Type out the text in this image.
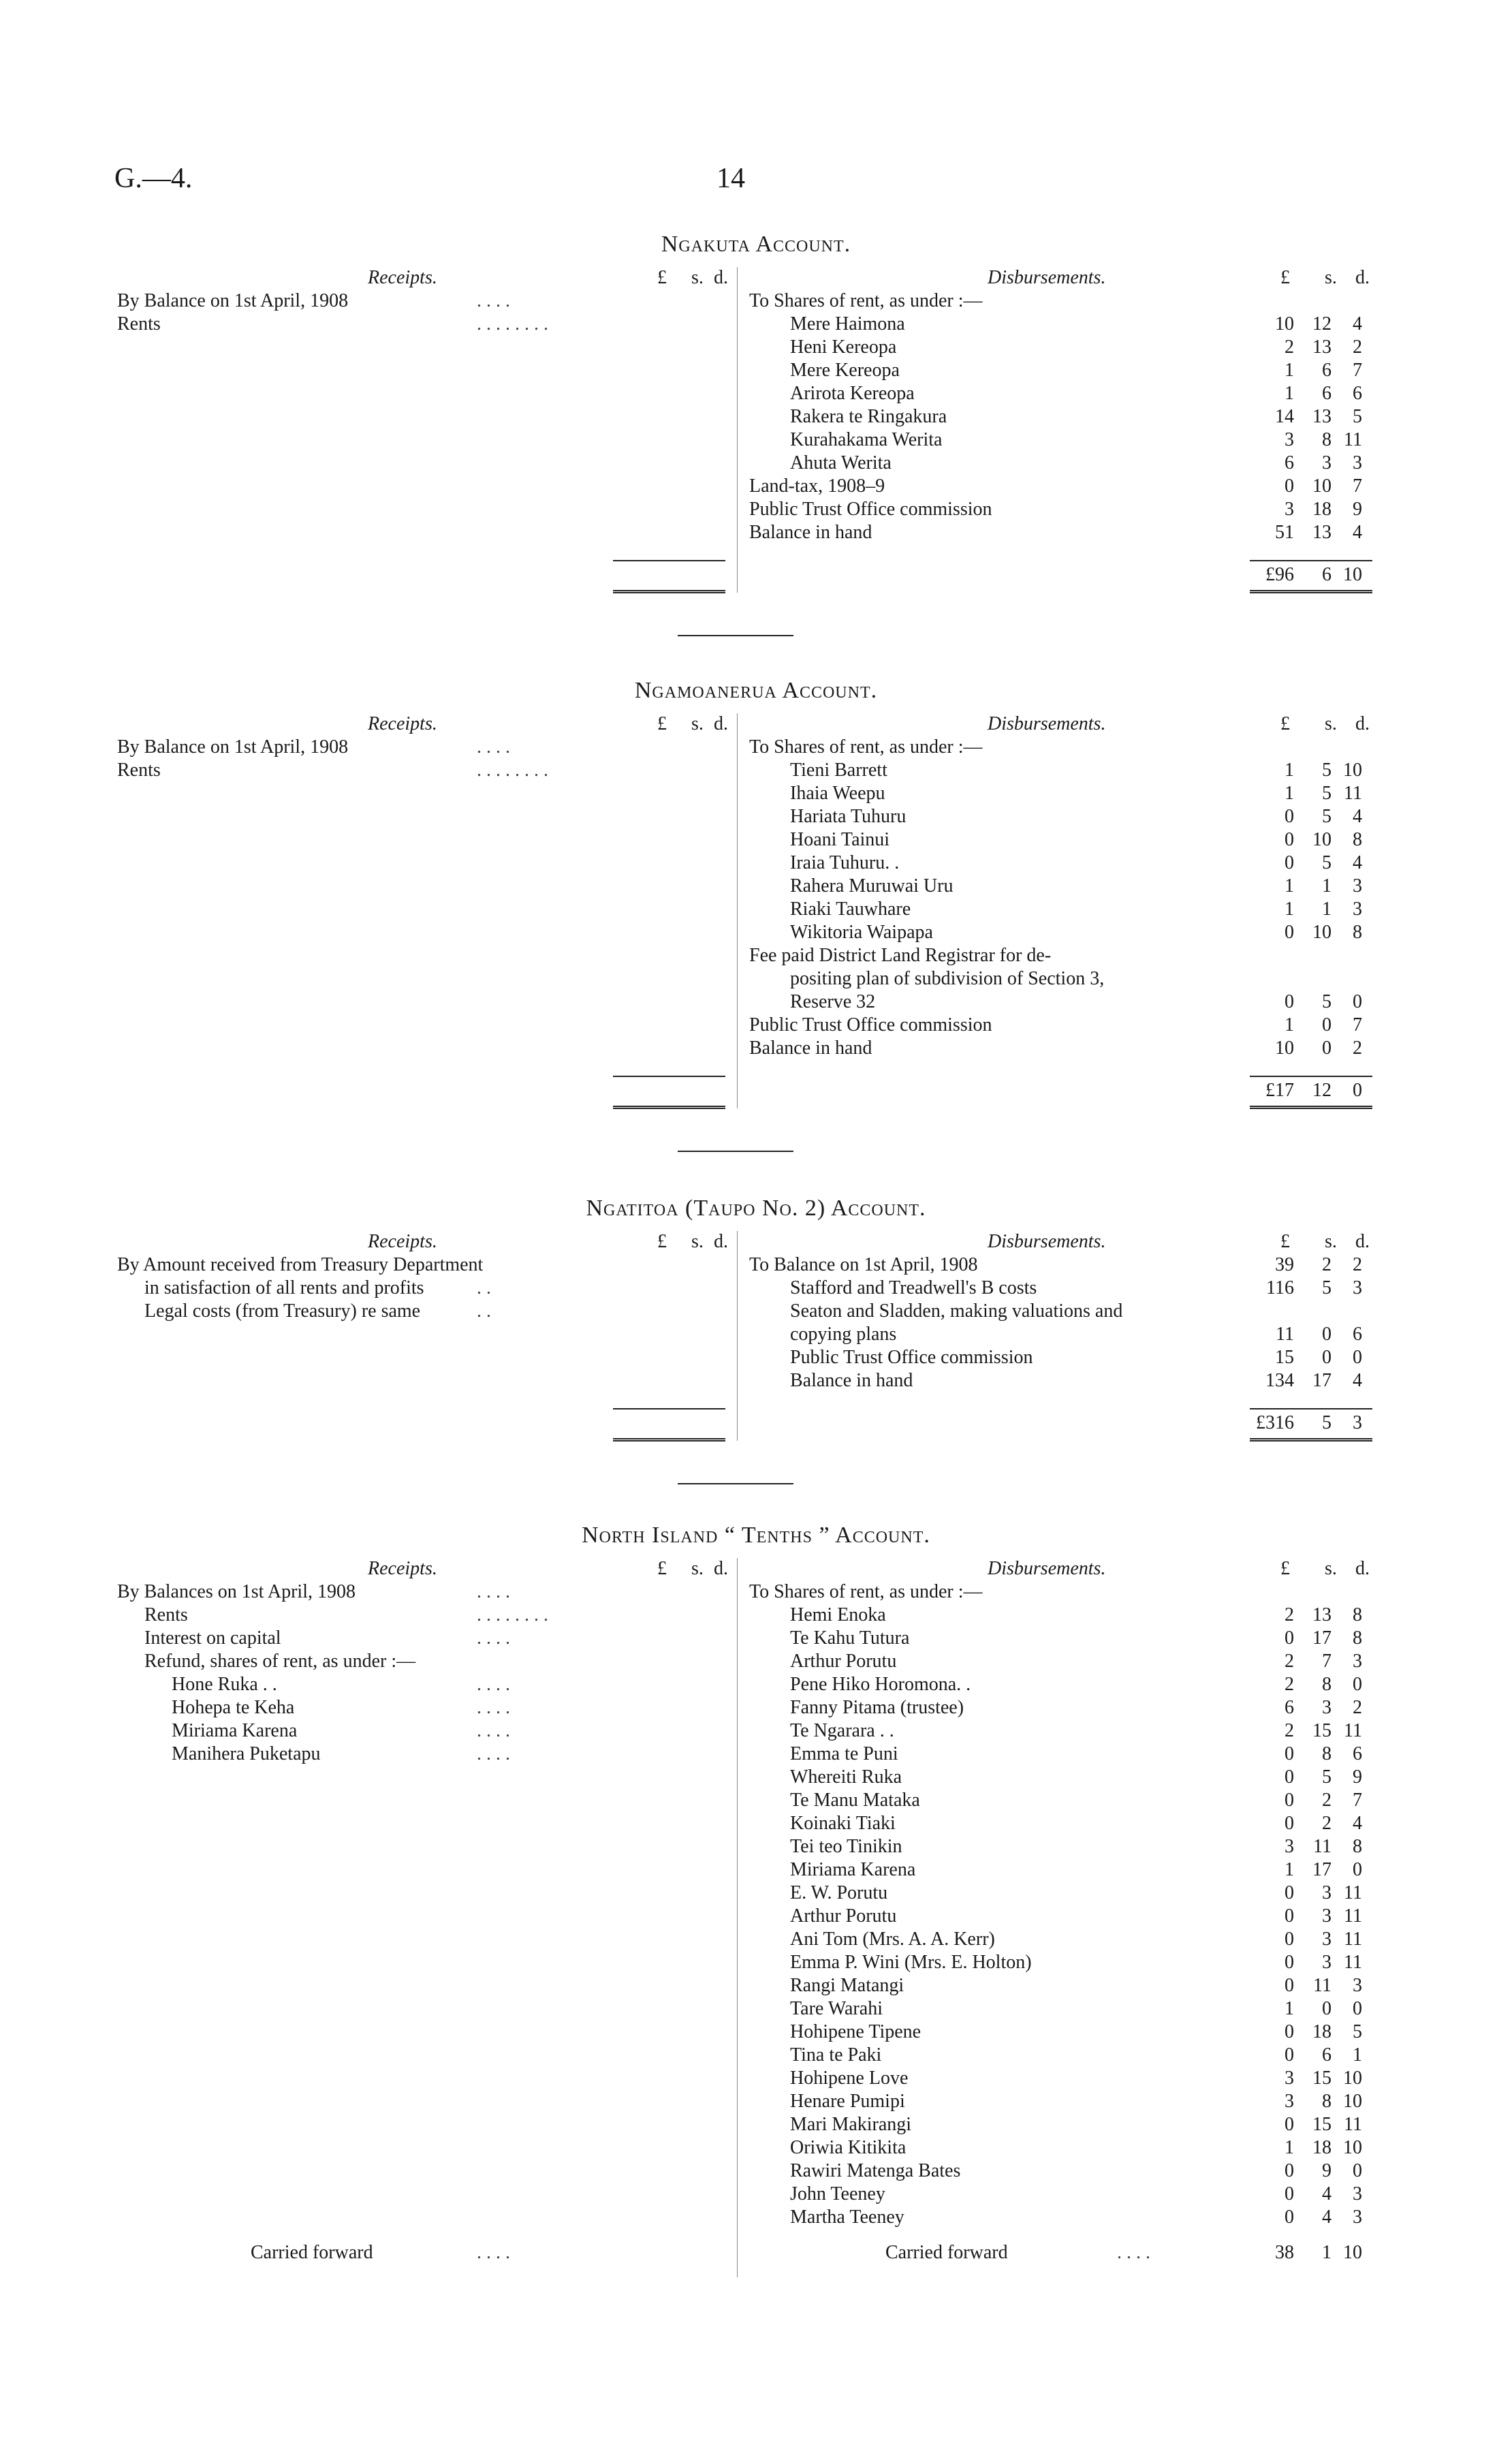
G.—4.	14
Ngakuta Account.
Receipts.	Disbursements.
£ s. d.	£ s. d.
By Balance on 1st April, 1908	. . . .
Rents	. . . . . . . .
To Shares of rent, as under :—
Mere Haimona	10 12 4
Heni Kereopa	2 13 2
Mere Kereopa	1 6 7
Arirota Kereopa	1 6 6
Rakera te Ringakura	14 13 5
Kurahakama Werita	3 8 11
Ahuta Werita	6 3 3
Land-tax, 1908–9	0 10 7
Public Trust Office commission	3 18 9
Balance in hand	51 13 4
£96 6 10
Ngamoanerua Account.
Receipts.	Disbursements.
£ s. d.	£ s. d.
By Balance on 1st April, 1908	. . . .
Rents	. . . . . . . .
To Shares of rent, as under :—
Tieni Barrett	1 5 10
Ihaia Weepu	1 5 11
Hariata Tuhuru	0 5 4
Hoani Tainui	0 10 8
Iraia Tuhuru. .	0 5 4
Rahera Muruwai Uru	1 1 3
Riaki Tauwhare	1 1 3
Wikitoria Waipapa	0 10 8
Fee paid District Land Registrar for de-
positing plan of subdivision of Section 3,
Reserve 32	0 5 0
Public Trust Office commission	1 0 7
Balance in hand	10 0 2
£17 12 0
Ngatitoa (Taupo No. 2) Account.
Receipts.	Disbursements.
£ s. d.	£ s. d.
By Amount received from Treasury Department
in satisfaction of all rents and profits	. .
Legal costs (from Treasury) re same	. .
To Balance on 1st April, 1908	39 2 2
Stafford and Treadwell's B costs	116 5 3
Seaton and Sladden, making valuations and
copying plans	11 0 6
Public Trust Office commission	15 0 0
Balance in hand	134 17 4
£316 5 3
North Island “ Tenths ” Account.
Receipts.	Disbursements.
£ s. d.	£ s. d.
By Balances on 1st April, 1908	. . . .
Rents	. . . . . . . .
Interest on capital	. . . .
Refund, shares of rent, as under :—
Hone Ruka . .	. . . .
Hohepa te Keha	. . . .
Miriama Karena	. . . .
Manihera Puketapu	. . . .
To Shares of rent, as under :—
Hemi Enoka	2 13 8
Te Kahu Tutura	0 17 8
Arthur Porutu	2 7 3
Pene Hiko Horomona. .	2 8 0
Fanny Pitama (trustee)	6 3 2
Te Ngarara . .	2 15 11
Emma te Puni	0 8 6
Whereiti Ruka	0 5 9
Te Manu Mataka	0 2 7
Koinaki Tiaki	0 2 4
Tei teo Tinikin	3 11 8
Miriama Karena	1 17 0
E. W. Porutu	0 3 11
Arthur Porutu	0 3 11
Ani Tom (Mrs. A. A. Kerr)	0 3 11
Emma P. Wini (Mrs. E. Holton)	0 3 11
Rangi Matangi	0 11 3
Tare Warahi	1 0 0
Hohipene Tipene	0 18 5
Tina te Paki	0 6 1
Hohipene Love	3 15 10
Henare Pumipi	3 8 10
Mari Makirangi	0 15 11
Oriwia Kitikita	1 18 10
Rawiri Matenga Bates	0 9 0
John Teeney	0 4 3
Martha Teeney	0 4 3
Carried forward	. . . .	Carried forward	. . . .	38 1 10
